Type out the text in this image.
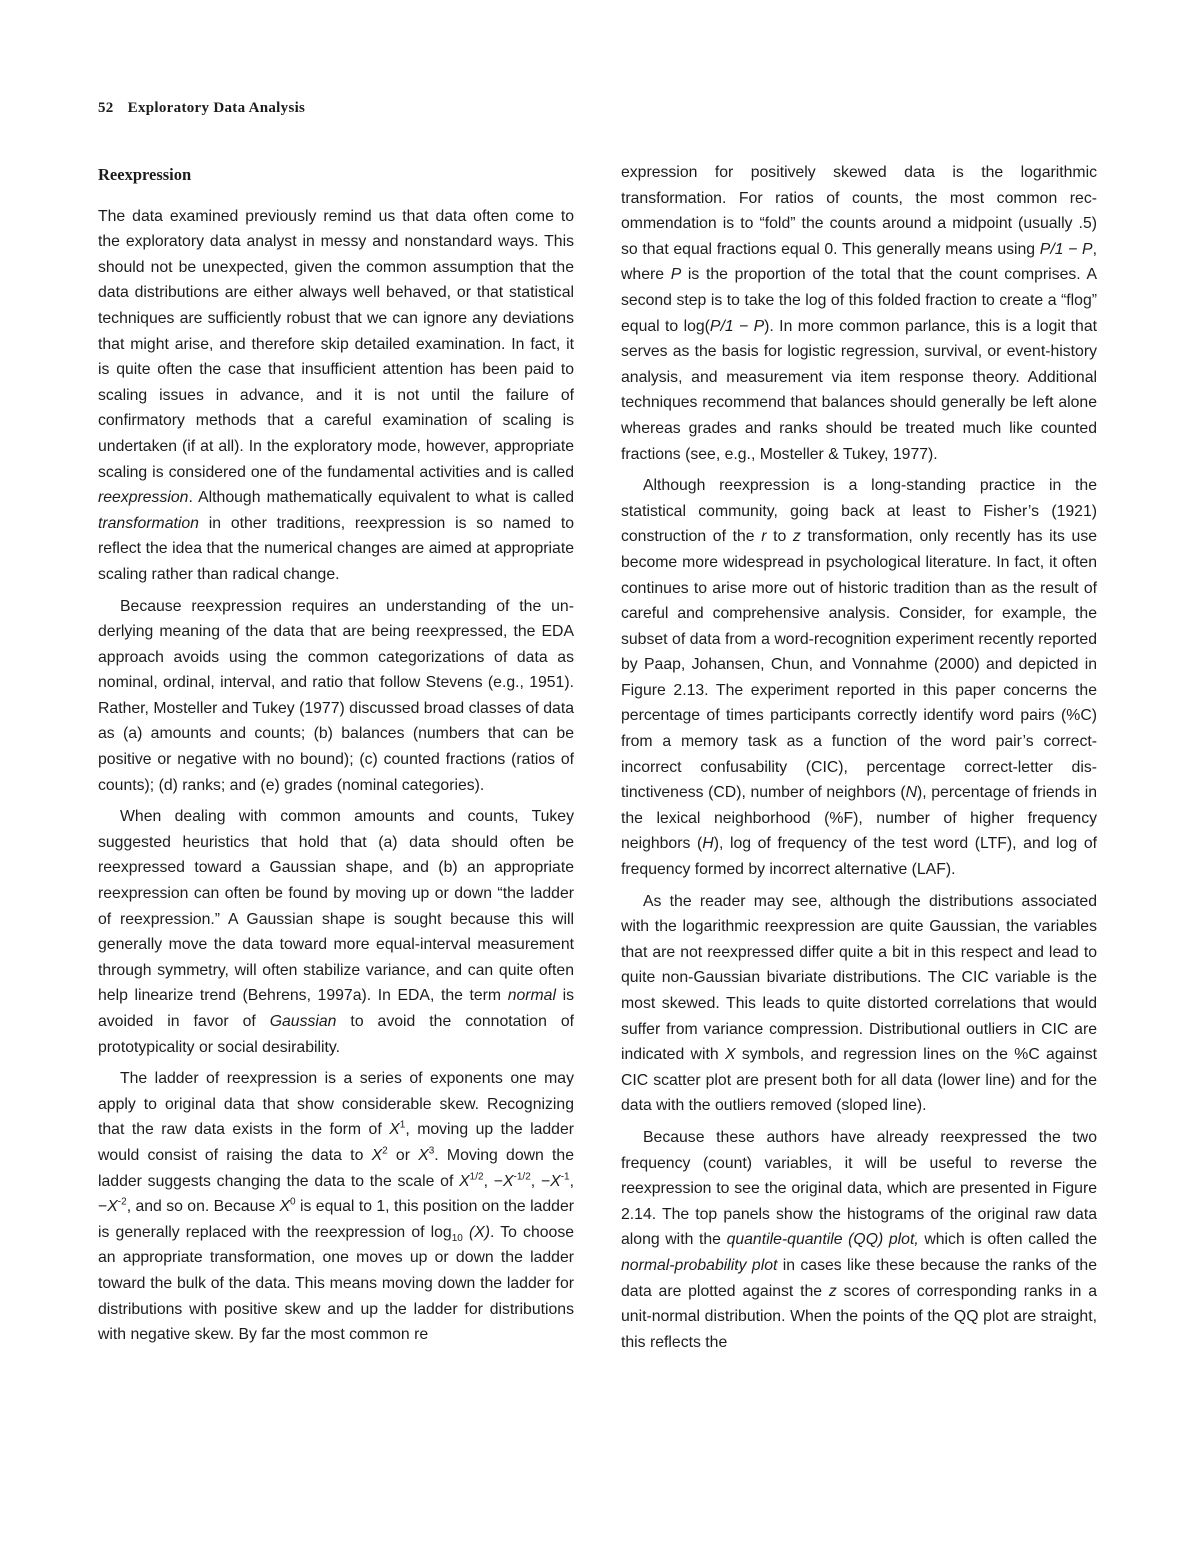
52 Exploratory Data Analysis
Reexpression

The data examined previously remind us that data often come to the exploratory data analyst in messy and nonstandard ways. This should not be unexpected, given the common assumption that the data distributions are either always well behaved, or that statistical techniques are sufficiently robust that we can ignore any deviations that might arise, and therefore skip detailed examination. In fact, it is quite often the case that insufficient attention has been paid to scaling issues in advance, and it is not until the failure of confirmatory methods that a careful examination of scaling is undertaken (if at all). In the exploratory mode, however, appropriate scaling is considered one of the fundamental activities and is called reexpression. Although mathematically equivalent to what is called transformation in other traditions, reexpression is so named to reflect the idea that the numerical changes are aimed at appropriate scaling rather than radical change.

Because reexpression requires an understanding of the underlying meaning of the data that are being reexpressed, the EDA approach avoids using the common categorizations of data as nominal, ordinal, interval, and ratio that follow Stevens (e.g., 1951). Rather, Mosteller and Tukey (1977) discussed broad classes of data as (a) amounts and counts; (b) balances (numbers that can be positive or negative with no bound); (c) counted fractions (ratios of counts); (d) ranks; and (e) grades (nominal categories).

When dealing with common amounts and counts, Tukey suggested heuristics that hold that (a) data should often be reexpressed toward a Gaussian shape, and (b) an appropriate reexpression can often be found by moving up or down “the ladder of reexpression.” A Gaussian shape is sought because this will generally move the data toward more equal-interval measurement through symmetry, will often stabilize variance, and can quite often help linearize trend (Behrens, 1997a). In EDA, the term normal is avoided in favor of Gaussian to avoid the connotation of prototypicality or social desirability.

The ladder of reexpression is a series of exponents one may apply to original data that show considerable skew. Recognizing that the raw data exists in the form of $X^1$, moving up the ladder would consist of raising the data to $X^2$ or $X^3$. Moving down the ladder suggests changing the data to the scale of $X^{1/2}$, $-X^{-1/2}$, $-X^{-1}$, $-X^{-2}$, and so on. Because $X^0$ is equal to 1, this position on the ladder is generally replaced with the reexpression of $\log_{10} (X)$. To choose an appropriate transformation, one moves up or down the ladder toward the bulk of the data. This means moving down the ladder for distributions with positive skew and up the ladder for distributions with negative skew. By far the most common re

expression for positively skewed data is the logarithmic transformation. For ratios of counts, the most common recommendation is to “fold” the counts around a midpoint (usually .5) so that equal fractions equal 0. This generally means using P/1 − P, where P is the proportion of the total that the count comprises. A second step is to take the log of this folded fraction to create a “flog” equal to log(P/1 − P). In more common parlance, this is a logit that serves as the basis for logistic regression, survival, or event-history analysis, and measurement via item response theory. Additional techniques recommend that balances should generally be left alone whereas grades and ranks should be treated much like counted fractions (see, e.g., Mosteller & Tukey, 1977).

Although reexpression is a long-standing practice in the statistical community, going back at least to Fisher’s (1921) construction of the r to z transformation, only recently has its use become more widespread in psychological literature. In fact, it often continues to arise more out of historic tradition than as the result of careful and comprehensive analysis. Consider, for example, the subset of data from a word-recognition experiment recently reported by Paap, Johansen, Chun, and Vonnahme (2000) and depicted in Figure 2.13. The experiment reported in this paper concerns the percentage of times participants correctly identify word pairs (%C) from a memory task as a function of the word pair’s correct-incorrect confusability (CIC), percentage correct-letter distinctiveness (CD), number of neighbors (N), percentage of friends in the lexical neighborhood (%F), number of higher frequency neighbors (H), log of frequency of the test word (LTF), and log of frequency formed by incorrect alternative (LAF).

As the reader may see, although the distributions associated with the logarithmic reexpression are quite Gaussian, the variables that are not reexpressed differ quite a bit in this respect and lead to quite non-Gaussian bivariate distributions. The CIC variable is the most skewed. This leads to quite distorted correlations that would suffer from variance compression. Distributional outliers in CIC are indicated with X symbols, and regression lines on the %C against CIC scatter plot are present both for all data (lower line) and for the data with the outliers removed (sloped line).

Because these authors have already reexpressed the two frequency (count) variables, it will be useful to reverse the reexpression to see the original data, which are presented in Figure 2.14. The top panels show the histograms of the original raw data along with the quantile-quantile (QQ) plot, which is often called the normal-probability plot in cases like these because the ranks of the data are plotted against the z scores of corresponding ranks in a unit-normal distribution. When the points of the QQ plot are straight, this reflects the
